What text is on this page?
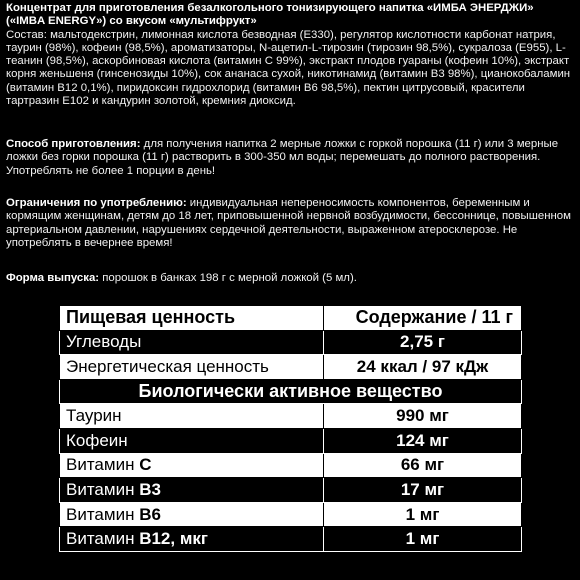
Концентрат для приготовления безалкогольного тонизирующего напитка «ИМБА ЭНЕРДЖИ» («IMBA ENERGY») со вкусом «мультифрукт»
Состав: мальтодекстрин, лимонная кислота безводная (Е330), регулятор кислотности карбонат натрия, таурин (98%), кофеин (98,5%), ароматизаторы, N-ацетил-L-тирозин (тирозин 98,5%), сукралоза (Е955), L-теанин (98,5%), аскорбиновая кислота (витамин С 99%), экстракт плодов гуараны (кофеин 10%), экстракт корня женьшеня (гинсенозиды 10%), сок ананаса сухой, никотинамид (витамин В3 98%), цианокобаламин (витамин В12 0,1%), пиридоксин гидрохлорид (витамин В6 98,5%), пектин цитрусовый, красители тартразин Е102 и кандурин золотой, кремния диоксид.
Способ приготовления: для получения напитка 2 мерные ложки с горкой порошка (11 г) или 3 мерные ложки без горки порошка (11 г) растворить в 300-350 мл воды; перемешать до полного растворения. Употреблять не более 1 порции в день!
Ограничения по употреблению: индивидуальная непереносимость компонентов, беременным и кормящим женщинам, детям до 18 лет, приповышенной нервной возбудимости, бессоннице, повышенном артериальном давлении, нарушениях сердечной деятельности, выраженном атеросклерозе. Не употреблять в вечернее время!
Форма выпуска: порошок в банках 198 г с мерной ложкой (5 мл).
Пищевая ценность	Содержание / 11 г
Углеводы	2,75 г
Энергетическая ценность	24 ккал / 97 кДж
Биологически активное вещество	
Таурин	990 мг
Кофеин	124 мг
Витамин С	66 мг
Витамин В3	17 мг
Витамин В6	1 мг
Витамин В12, мкг	1 мг
